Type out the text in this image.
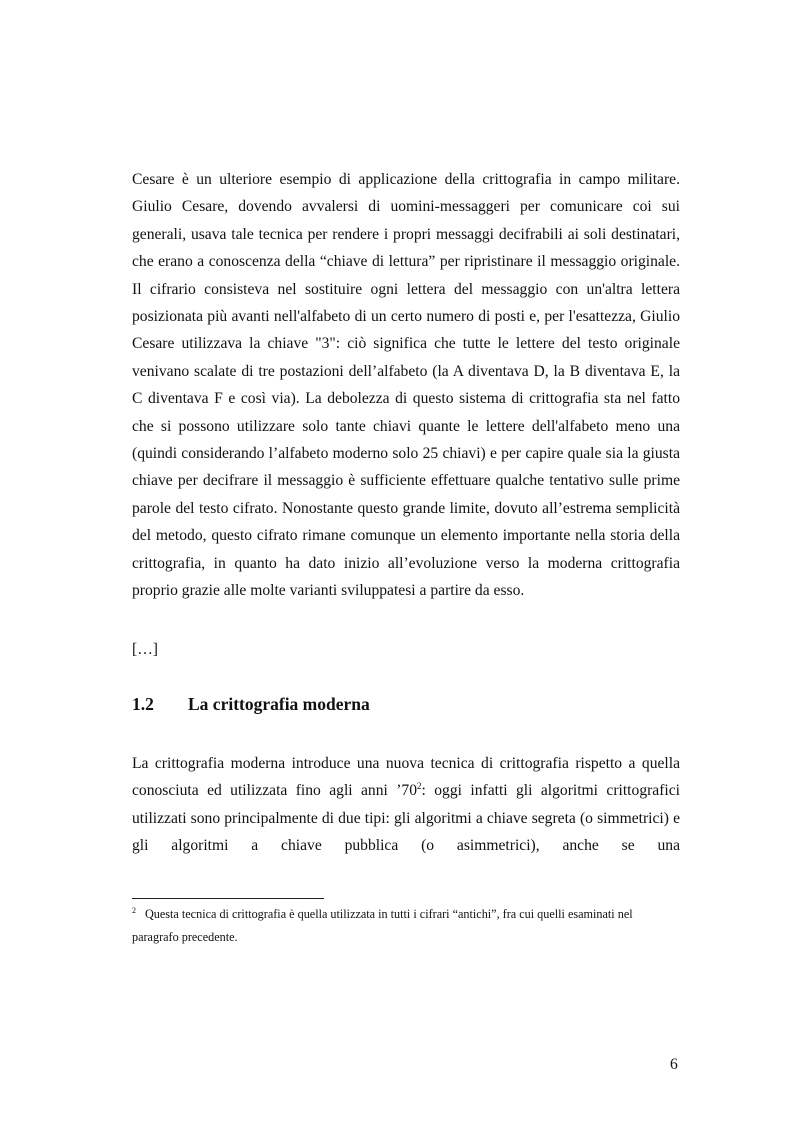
Cesare è un ulteriore esempio di applicazione della crittografia in campo militare. Giulio Cesare, dovendo avvalersi di uomini-messaggeri per comunicare coi sui generali, usava tale tecnica per rendere i propri messaggi decifrabili ai soli destinatari, che erano a conoscenza della “chiave di lettura” per ripristinare il messaggio originale. Il cifrario consisteva nel sostituire ogni lettera del messaggio con un'altra lettera posizionata più avanti nell'alfabeto di un certo numero di posti e, per l'esattezza, Giulio Cesare utilizzava la chiave "3": ciò significa che tutte le lettere del testo originale venivano scalate di tre postazioni dell’alfabeto (la A diventava D, la B diventava E, la C diventava F e così via). La debolezza di questo sistema di crittografia sta nel fatto che si possono utilizzare solo tante chiavi quante le lettere dell'alfabeto meno una (quindi considerando l’alfabeto moderno solo 25 chiavi) e per capire quale sia la giusta chiave per decifrare il messaggio è sufficiente effettuare qualche tentativo sulle prime parole del testo cifrato. Nonostante questo grande limite, dovuto all’estrema semplicità del metodo, questo cifrato rimane comunque un elemento importante nella storia della crittografia, in quanto ha dato inizio all’evoluzione verso la moderna crittografia proprio grazie alle molte varianti sviluppatesi a partire da esso.

[…]

1.2 La crittografia moderna

La crittografia moderna introduce una nuova tecnica di crittografia rispetto a quella conosciuta ed utilizzata fino agli anni $’70^2$: oggi infatti gli algoritmi crittografici utilizzati sono principalmente di due tipi: gli algoritmi a chiave segreta (o simmetrici) e gli algoritmi a chiave pubblica (o asimmetrici), anche se una

$^2$ Questa tecnica di crittografia è quella utilizzata in tutti i cifrari “antichi”, fra cui quelli esaminati nel paragrafo precedente.

6
